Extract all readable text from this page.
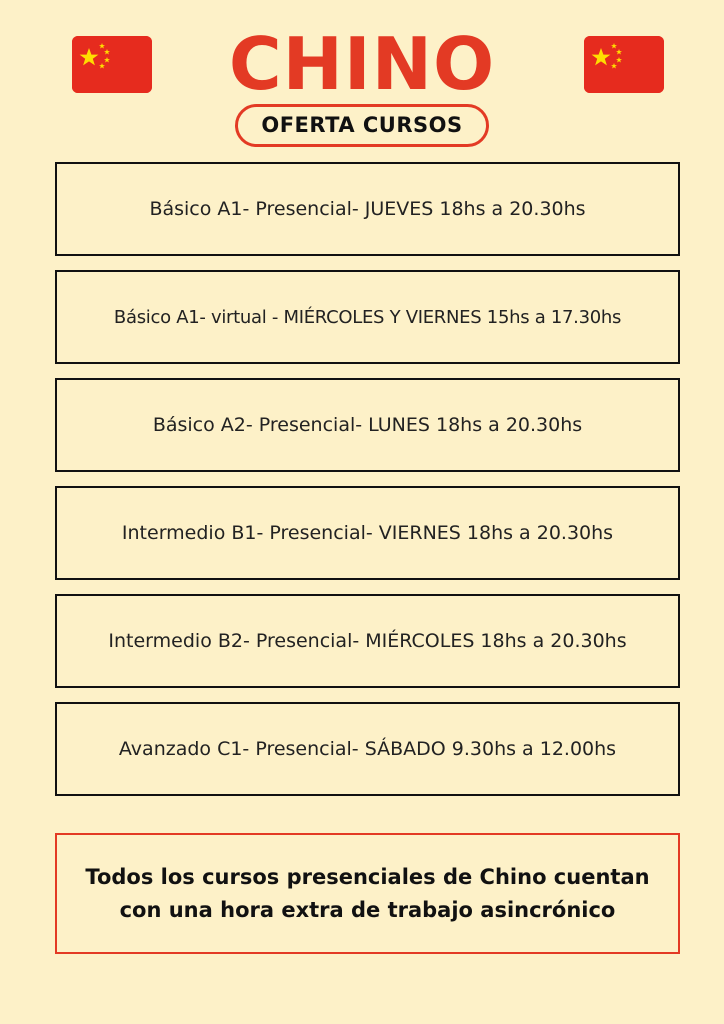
CHINO
OFERTA CURSOS
Básico A1- Presencial- JUEVES 18hs a 20.30hs
Básico A1- virtual - MIÉRCOLES Y VIERNES 15hs a 17.30hs
Básico A2- Presencial- LUNES 18hs a 20.30hs
Intermedio B1- Presencial- VIERNES 18hs a 20.30hs
Intermedio B2- Presencial- MIÉRCOLES 18hs a 20.30hs
Avanzado C1- Presencial- SÁBADO 9.30hs a 12.00hs

Todos los cursos presenciales de Chino cuentan
con una hora extra de trabajo asincrónico
